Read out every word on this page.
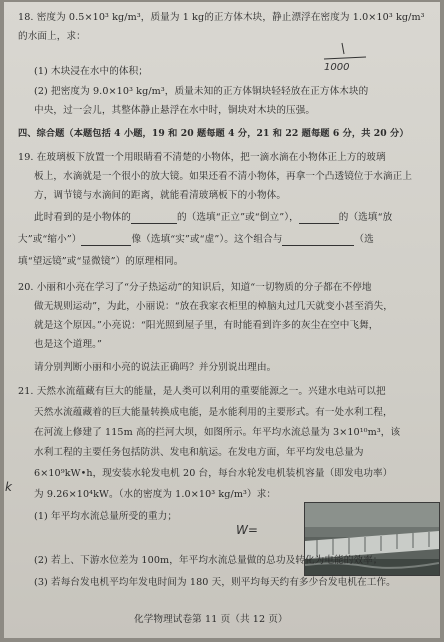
18. 密度为 0.5×10³ kg/m³，质量为 1 kg的正方体木块，静止漂浮在密度为 1.0×10³ kg/m³
的水面上，求：
1000
(1) 木块浸在水中的体积；
(2) 把密度为 9.0×10³ kg/m³，质量未知的正方体铜块轻轻放在正方体木块的
中央，过一会儿，其整体静止悬浮在水中时，铜块对木块的压强。
四、综合题（本题包括 4 小题，19 和 20 题每题 4 分，21 和 22 题每题 6 分，共 20 分）
19. 在玻璃板下放置一个用眼睛看不清楚的小物体，把一滴水滴在小物体正上方的玻璃
板上，水滴就是一个很小的放大镜。如果还看不清小物体，再拿一个凸透镜位于水滴正上
方，调节镜与水滴间的距离，就能看清玻璃板下的小物体。
此时看到的是小物体的	的（选填“正立”或“倒立”），	的（选填“放
大”或“缩小”）	像（选填“实”或“虚”）。这个组合与	（选
填“望远镜”或“显微镜”）的原理相同。
20. 小丽和小亮在学习了“分子热运动”的知识后，知道“一切物质的分子都在不停地
做无规则运动”，为此，小丽说：“放在我家衣柜里的樟脑丸过几天就变小甚至消失，
就是这个原因。”小亮说：“阳光照到屋子里，有时能看到许多的灰尘在空中飞舞，
也是这个道理。”
请分别判断小丽和小亮的说法正确吗？并分别说出理由。
21. 天然水流蕴藏有巨大的能量，是人类可以利用的重要能源之一。兴建水电站可以把
天然水流蕴藏着的巨大能量转换成电能，是水能利用的主要形式。有一处水利工程，
在河流上修建了 115m 高的拦河大坝，如图所示。年平均水流总量为 3×10¹⁰m³，该
水利工程的主要任务包括防洪、发电和航运。在发电方面，年平均发电总量为
6×10⁹kW•h，现安装水轮发电机 20 台，每台水轮发电机装机容量（即发电功率）
为 9.26×10⁴kW。（水的密度为 1.0×10³ kg/m³）求：
k
(1) 年平均水流总量所受的重力；
W=
(2) 若上、下游水位差为 100m，年平均水流总量做的总功及转化为电能的效率；
(3) 若每台发电机平均年发电时间为 180 天，则平均每天约有多少台发电机在工作。
化学物理试卷第 11 页（共 12 页）
